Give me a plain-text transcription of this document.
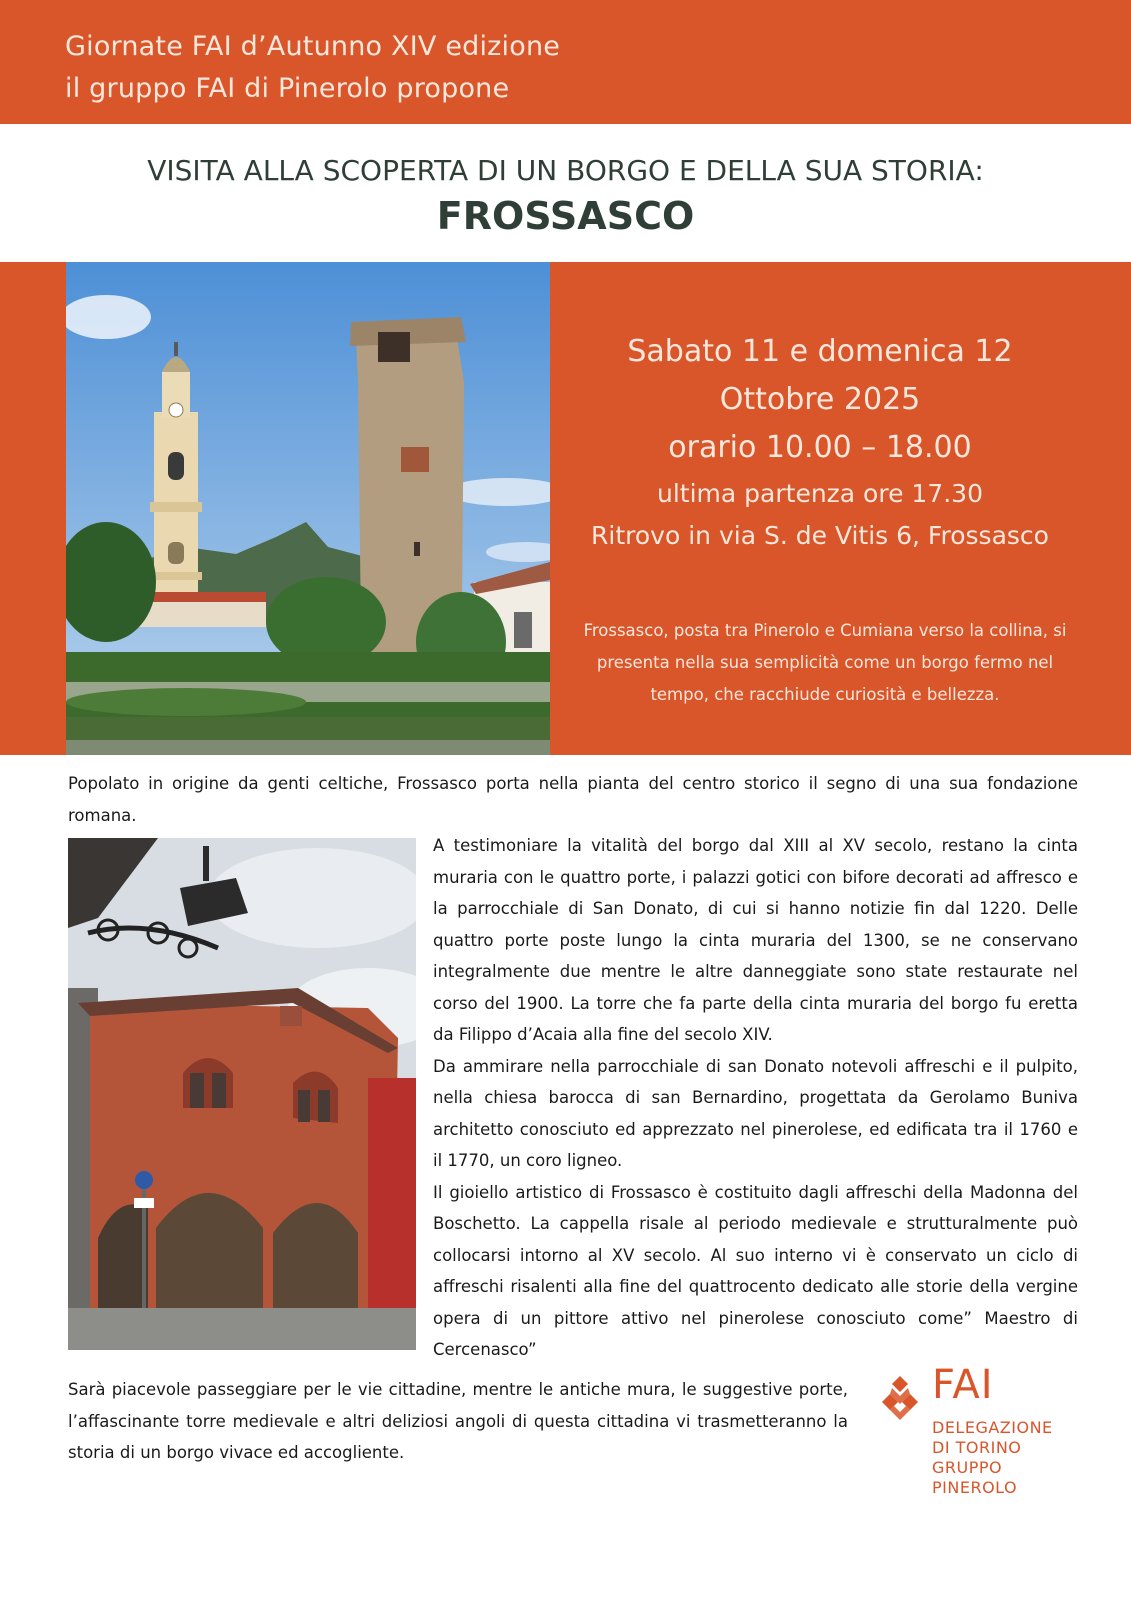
Giornate FAI d’Autunno XIV edizione
il gruppo FAI di Pinerolo propone
VISITA ALLA SCOPERTA DI UN BORGO E DELLA SUA STORIA:
FROSSASCO
Sabato 11 e domenica 12
Ottobre 2025
orario 10.00 – 18.00
ultima partenza ore 17.30
Ritrovo in via S. de Vitis 6, Frossasco
Frossasco, posta tra Pinerolo e Cumiana verso la collina, si presenta nella sua semplicità come un borgo fermo nel tempo, che racchiude curiosità e bellezza.
Popolato in origine da genti celtiche, Frossasco porta nella pianta del centro storico il segno di una sua fondazione romana.

A testimoniare la vitalità del borgo dal XIII al XV secolo, restano la cinta muraria con le quattro porte, i palazzi gotici con bifore decorati ad affresco e la parrocchiale di San Donato, di cui si hanno notizie fin dal 1220. Delle quattro porte poste lungo la cinta muraria del 1300, se ne conservano integralmente due mentre le altre danneggiate sono state restaurate nel corso del 1900. La torre che fa parte della cinta muraria del borgo fu eretta da Filippo d’Acaia alla fine del secolo XIV.

Da ammirare nella parrocchiale di san Donato notevoli affreschi e il pulpito, nella chiesa barocca di san Bernardino, progettata da Gerolamo Buniva architetto conosciuto ed apprezzato nel pinerolese, ed edificata tra il 1760 e il 1770, un coro ligneo.

Il gioiello artistico di Frossasco è costituito dagli affreschi della Madonna del Boschetto. La cappella risale al periodo medievale e strutturalmente può collocarsi intorno al XV secolo. Al suo interno vi è conservato un ciclo di affreschi risalenti alla fine del quattrocento dedicato alle storie della vergine opera di un pittore attivo nel pinerolese conosciuto come” Maestro di Cercenasco”

Sarà piacevole passeggiare per le vie cittadine, mentre le antiche mura, le suggestive porte, l’affascinante torre medievale e altri deliziosi angoli di questa cittadina vi trasmetteranno la storia di un borgo vivace ed accogliente.
FAI
DELEGAZIONE
DI TORINO
GRUPPO
PINEROLO
